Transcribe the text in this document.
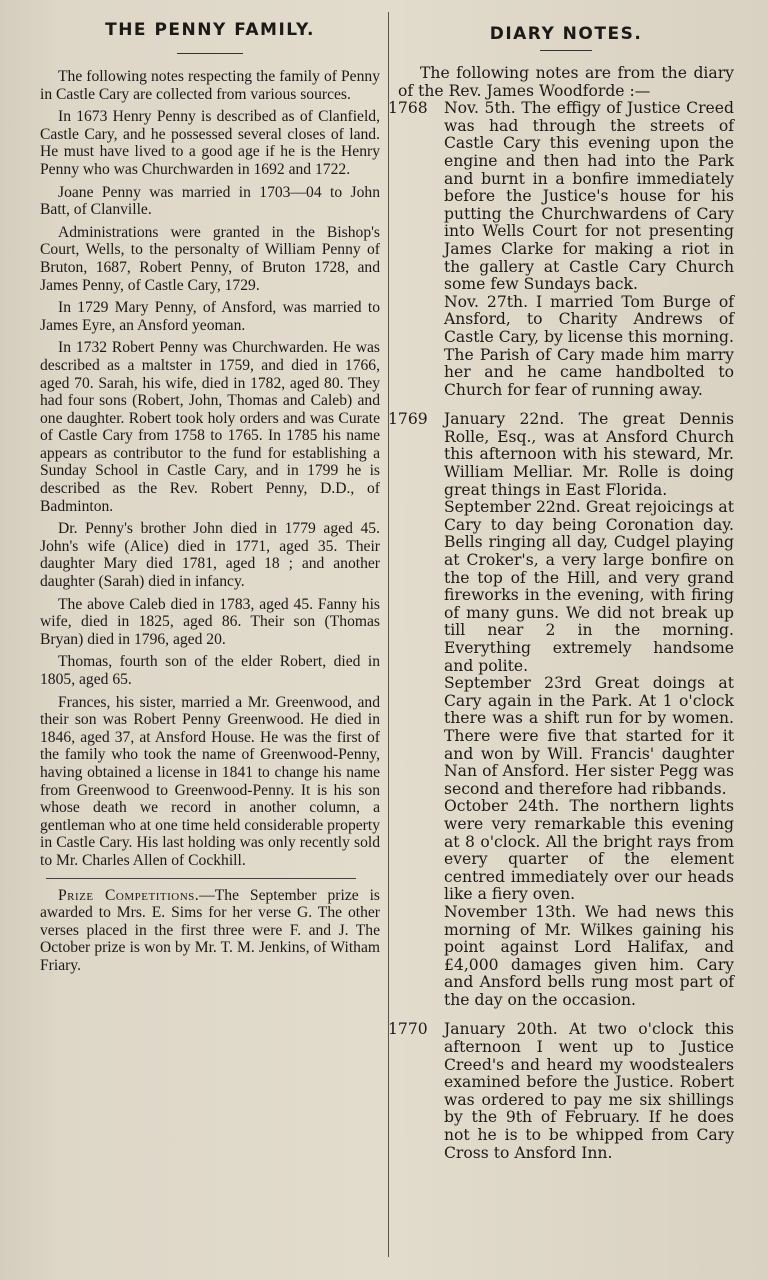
THE PENNY FAMILY.

The following notes respecting the family of Penny in Castle Cary are collected from various sources.

In 1673 Henry Penny is described as of Clanfield, Castle Cary, and he possessed several closes of land. He must have lived to a good age if he is the Henry Penny who was Churchwarden in 1692 and 1722.

Joane Penny was married in 1703—04 to John Batt, of Clanville.

Administrations were granted in the Bishop's Court, Wells, to the personalty of William Penny of Bruton, 1687, Robert Penny, of Bruton 1728, and James Penny, of Castle Cary, 1729.

In 1729 Mary Penny, of Ansford, was married to James Eyre, an Ansford yeoman.

In 1732 Robert Penny was Churchwarden. He was described as a maltster in 1759, and died in 1766, aged 70. Sarah, his wife, died in 1782, aged 80. They had four sons (Robert, John, Thomas and Caleb) and one daughter. Robert took holy orders and was Curate of Castle Cary from 1758 to 1765. In 1785 his name appears as contributor to the fund for establishing a Sunday School in Castle Cary, and in 1799 he is described as the Rev. Robert Penny, D.D., of Badminton.

Dr. Penny's brother John died in 1779 aged 45. John's wife (Alice) died in 1771, aged 35. Their daughter Mary died 1781, aged 18 ; and another daughter (Sarah) died in infancy.

The above Caleb died in 1783, aged 45. Fanny his wife, died in 1825, aged 86. Their son (Thomas Bryan) died in 1796, aged 20.

Thomas, fourth son of the elder Robert, died in 1805, aged 65.

Frances, his sister, married a Mr. Greenwood, and their son was Robert Penny Greenwood. He died in 1846, aged 37, at Ansford House. He was the first of the family who took the name of Greenwood-Penny, having obtained a license in 1841 to change his name from Greenwood to Greenwood-Penny. It is his son whose death we record in another column, a gentleman who at one time held considerable property in Castle Cary. His last holding was only recently sold to Mr. Charles Allen of Cockhill.

Prize Competitions.—The September prize is awarded to Mrs. E. Sims for her verse G. The other verses placed in the first three were F. and J. The October prize is won by Mr. T. M. Jenkins, of Witham Friary.

DIARY NOTES.

The following notes are from the diary of the Rev. James Woodforde :—

1768 Nov. 5th. The effigy of Justice Creed was had through the streets of Castle Cary this evening upon the engine and then had into the Park and burnt in a bonfire immediately before the Justice's house for his putting the Churchwardens of Cary into Wells Court for not presenting James Clarke for making a riot in the gallery at Castle Cary Church some few Sundays back.

Nov. 27th. I married Tom Burge of Ansford, to Charity Andrews of Castle Cary, by license this morning. The Parish of Cary made him marry her and he came handbolted to Church for fear of running away.

1769 January 22nd. The great Dennis Rolle, Esq., was at Ansford Church this afternoon with his steward, Mr. William Melliar. Mr. Rolle is doing great things in East Florida.

September 22nd. Great rejoicings at Cary to day being Coronation day. Bells ringing all day, Cudgel playing at Croker's, a very large bonfire on the top of the Hill, and very grand fireworks in the evening, with firing of many guns. We did not break up till near 2 in the morning. Everything extremely handsome and polite.

September 23rd Great doings at Cary again in the Park. At 1 o'clock there was a shift run for by women. There were five that started for it and won by Will. Francis' daughter Nan of Ansford. Her sister Pegg was second and therefore had ribbands.

October 24th. The northern lights were very remarkable this evening at 8 o'clock. All the bright rays from every quarter of the element centred immediately over our heads like a fiery oven.

November 13th. We had news this morning of Mr. Wilkes gaining his point against Lord Halifax, and £4,000 damages given him. Cary and Ansford bells rung most part of the day on the occasion.

1770 January 20th. At two o'clock this afternoon I went up to Justice Creed's and heard my woodstealers examined before the Justice. Robert was ordered to pay me six shillings by the 9th of February. If he does not he is to be whipped from Cary Cross to Ansford Inn.
